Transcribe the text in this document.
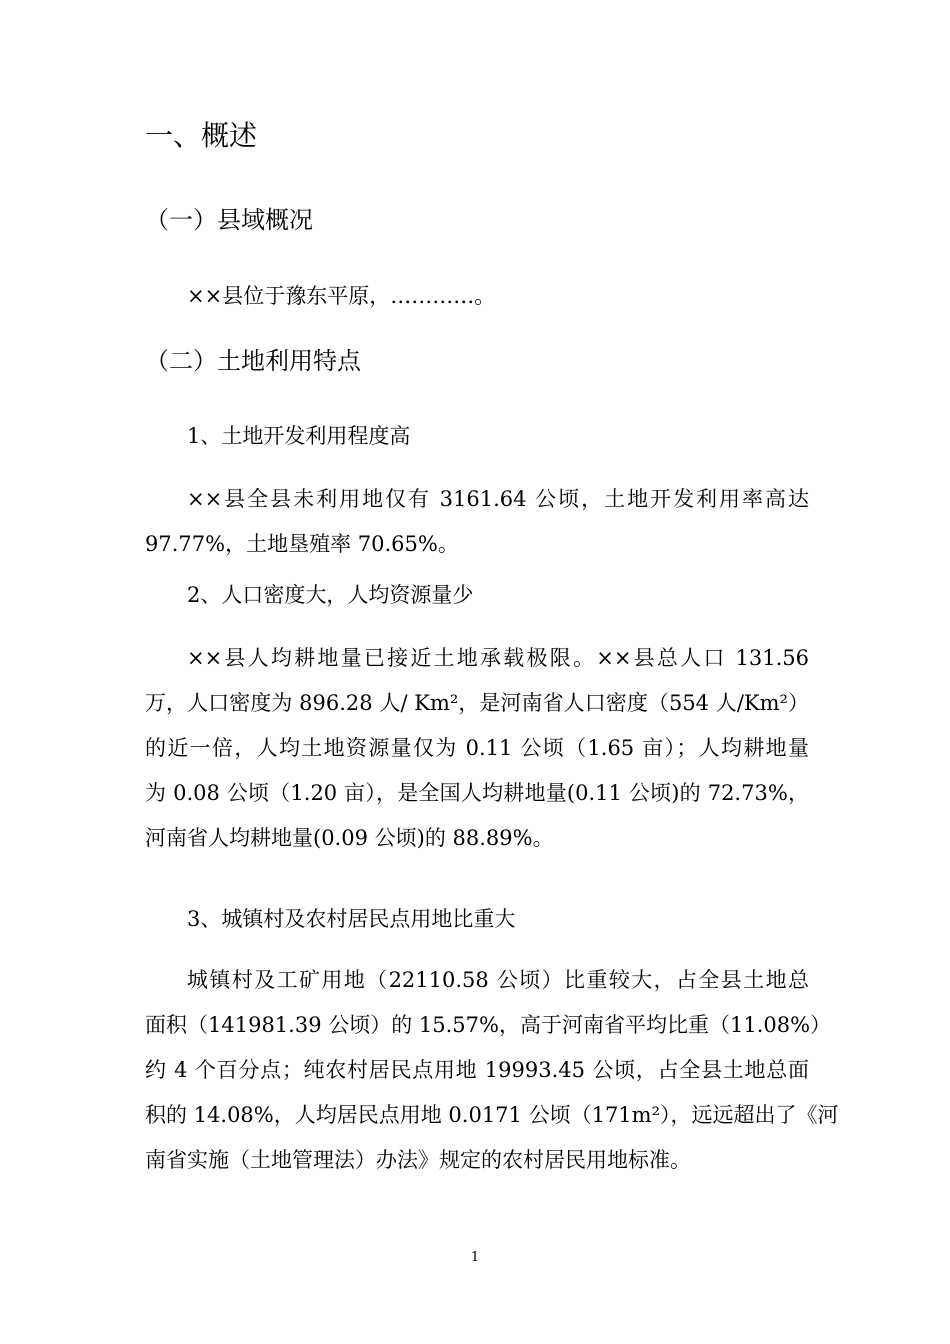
一、概述
（一）县域概况
××县位于豫东平原，…………。
（二）土地利用特点
1、土地开发利用程度高
××县全县未利用地仅有 3161.64 公顷，土地开发利用率高达
97.77%，土地垦殖率 70.65%。
2、人口密度大，人均资源量少
××县人均耕地量已接近土地承载极限。××县总人口 131.56
万，人口密度为 896.28 人/ Km²，是河南省人口密度（554 人/Km²）
的近一倍，人均土地资源量仅为 0.11 公顷（1.65 亩）；人均耕地量
为 0.08 公顷（1.20 亩），是全国人均耕地量(0.11 公顷)的 72.73%，
河南省人均耕地量(0.09 公顷)的 88.89%。
3、城镇村及农村居民点用地比重大
城镇村及工矿用地（22110.58 公顷）比重较大，占全县土地总
面积（141981.39 公顷）的 15.57%，高于河南省平均比重（11.08%）
约 4 个百分点；纯农村居民点用地 19993.45 公顷，占全县土地总面
积的 14.08%，人均居民点用地 0.0171 公顷（171m²），远远超出了《河
南省实施（土地管理法）办法》规定的农村居民用地标准。
1
